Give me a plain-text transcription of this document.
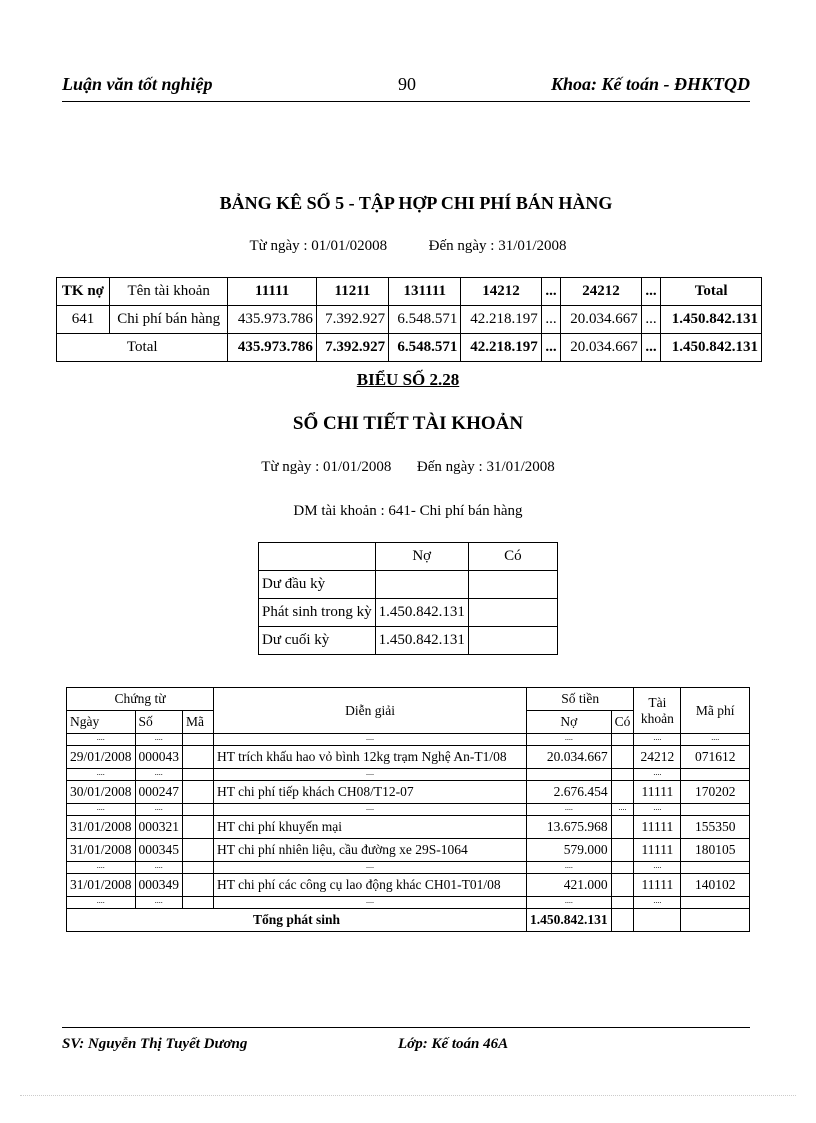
Luận văn tốt nghiệp	90	Khoa: Kế toán - ĐHKTQD
BẢNG KÊ SỐ 5 - TẬP HỢP CHI PHÍ BÁN HÀNG
Từ ngày : 01/01/02008	Đến ngày : 31/01/2008
TK nợ	Tên tài khoản	11111	11211	131111	14212	...	24212	...	Total
641	Chi phí bán hàng	435.973.786	7.392.927	6.548.571	42.218.197	...	20.034.667	...	1.450.842.131
Total		435.973.786	7.392.927	6.548.571	42.218.197	...	20.034.667	...	1.450.842.131
BIỂU SỐ 2.28
SỔ CHI TIẾT TÀI KHOẢN
Từ ngày : 01/01/2008 Đến ngày : 31/01/2008
DM tài khoản : 641- Chi phí bán hàng
	Nợ	Có
Dư đầu kỳ		
Phát sinh trong kỳ	1.450.842.131	
Dư cuối kỳ	1.450.842.131	
Chứng từ			Diễn giải	Số tiền		Tài khoản	Mã phí
Ngày	Số	Mã		Nợ	Có		
....	....		....	....		....	....
29/01/2008	000043		HT trích khấu hao vỏ bình 12kg trạm Nghệ An-T1/08	20.034.667		24212	071612
....	....		....			....	
30/01/2008	000247		HT chi phí tiếp khách CH08/T12-07	2.676.454		11111	170202
....	....		....	....	....	....	
31/01/2008	000321		HT chi phí khuyến mại	13.675.968		11111	155350
31/01/2008	000345		HT chi phí nhiên liệu, cầu đường xe 29S-1064	579.000		11111	180105
....	....		....	....		....	
31/01/2008	000349		HT chi phí các công cụ lao động khác CH01-T01/08	421.000		11111	140102
....	....		....	....		....	
Tổng phát sinh				1.450.842.131			
SV: Nguyễn Thị Tuyết Dương	Lớp: Kế toán 46A
